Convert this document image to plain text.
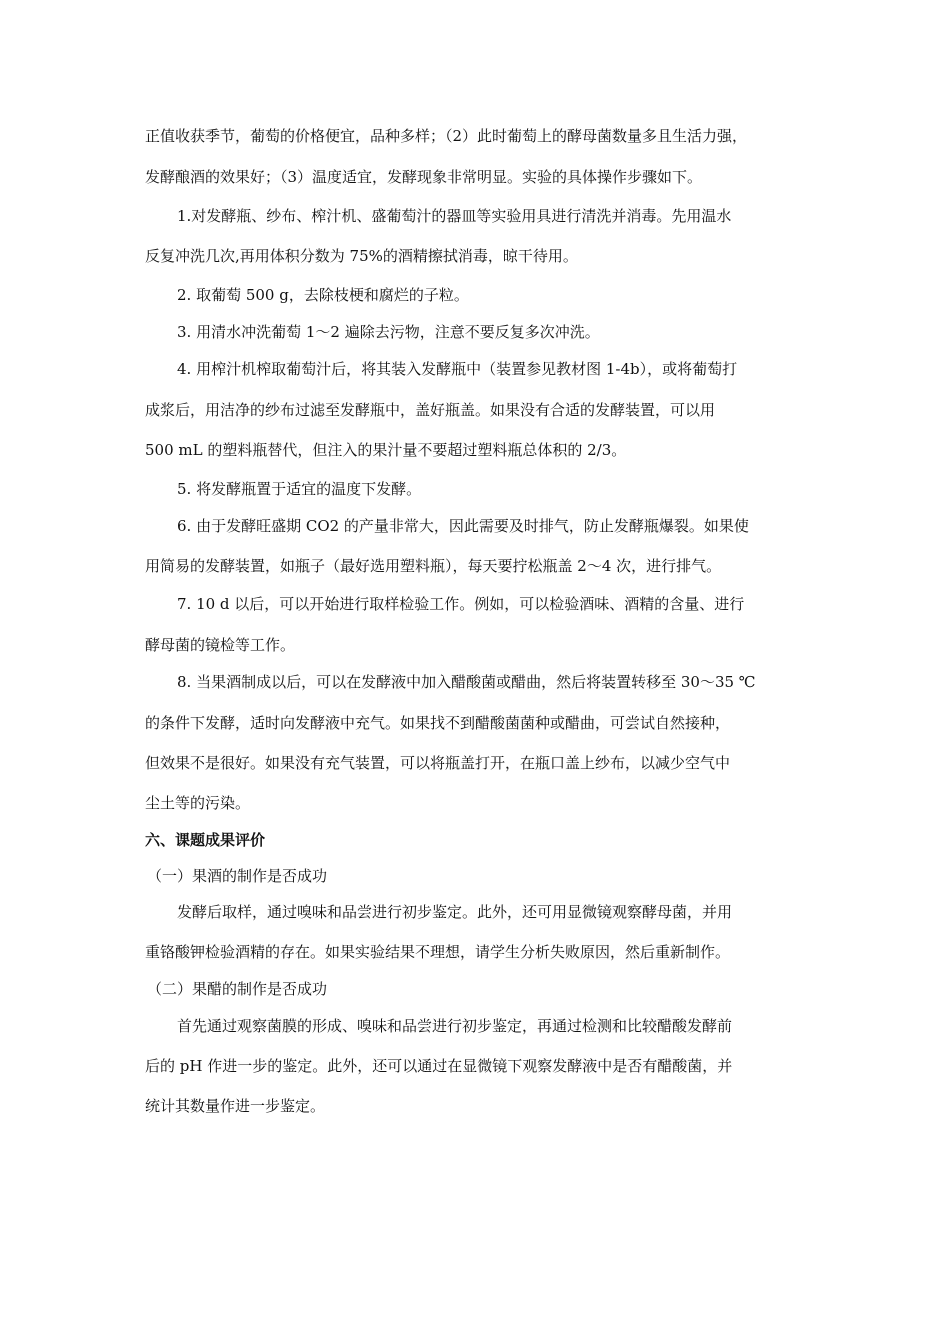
正值收获季节，葡萄的价格便宜，品种多样；（2）此时葡萄上的酵母菌数量多且生活力强，
发酵酿酒的效果好；（3）温度适宜，发酵现象非常明显。实验的具体操作步骤如下。
1.对发酵瓶、纱布、榨汁机、盛葡萄汁的器皿等实验用具进行清洗并消毒。先用温水
反复冲洗几次,再用体积分数为 75%的酒精擦拭消毒，晾干待用。
2. 取葡萄 500 g，去除枝梗和腐烂的子粒。
3. 用清水冲洗葡萄 1～2 遍除去污物，注意不要反复多次冲洗。
4. 用榨汁机榨取葡萄汁后，将其装入发酵瓶中（装置参见教材图 1-4b），或将葡萄打
成浆后，用洁净的纱布过滤至发酵瓶中，盖好瓶盖。如果没有合适的发酵装置，可以用
500 mL 的塑料瓶替代，但注入的果汁量不要超过塑料瓶总体积的 2/3。
5. 将发酵瓶置于适宜的温度下发酵。
6. 由于发酵旺盛期 CO2 的产量非常大，因此需要及时排气，防止发酵瓶爆裂。如果使
用简易的发酵装置，如瓶子（最好选用塑料瓶），每天要拧松瓶盖 2～4 次，进行排气。
7. 10 d 以后，可以开始进行取样检验工作。例如，可以检验酒味、酒精的含量、进行
酵母菌的镜检等工作。
8. 当果酒制成以后，可以在发酵液中加入醋酸菌或醋曲，然后将装置转移至 30～35 ℃
的条件下发酵，适时向发酵液中充气。如果找不到醋酸菌菌种或醋曲，可尝试自然接种，
但效果不是很好。如果没有充气装置，可以将瓶盖打开，在瓶口盖上纱布，以减少空气中
尘土等的污染。
六、课题成果评价
（一）果酒的制作是否成功
发酵后取样，通过嗅味和品尝进行初步鉴定。此外，还可用显微镜观察酵母菌，并用
重铬酸钾检验酒精的存在。如果实验结果不理想，请学生分析失败原因，然后重新制作。
（二）果醋的制作是否成功
首先通过观察菌膜的形成、嗅味和品尝进行初步鉴定，再通过检测和比较醋酸发酵前
后的 pH 作进一步的鉴定。此外，还可以通过在显微镜下观察发酵液中是否有醋酸菌，并
统计其数量作进一步鉴定。
